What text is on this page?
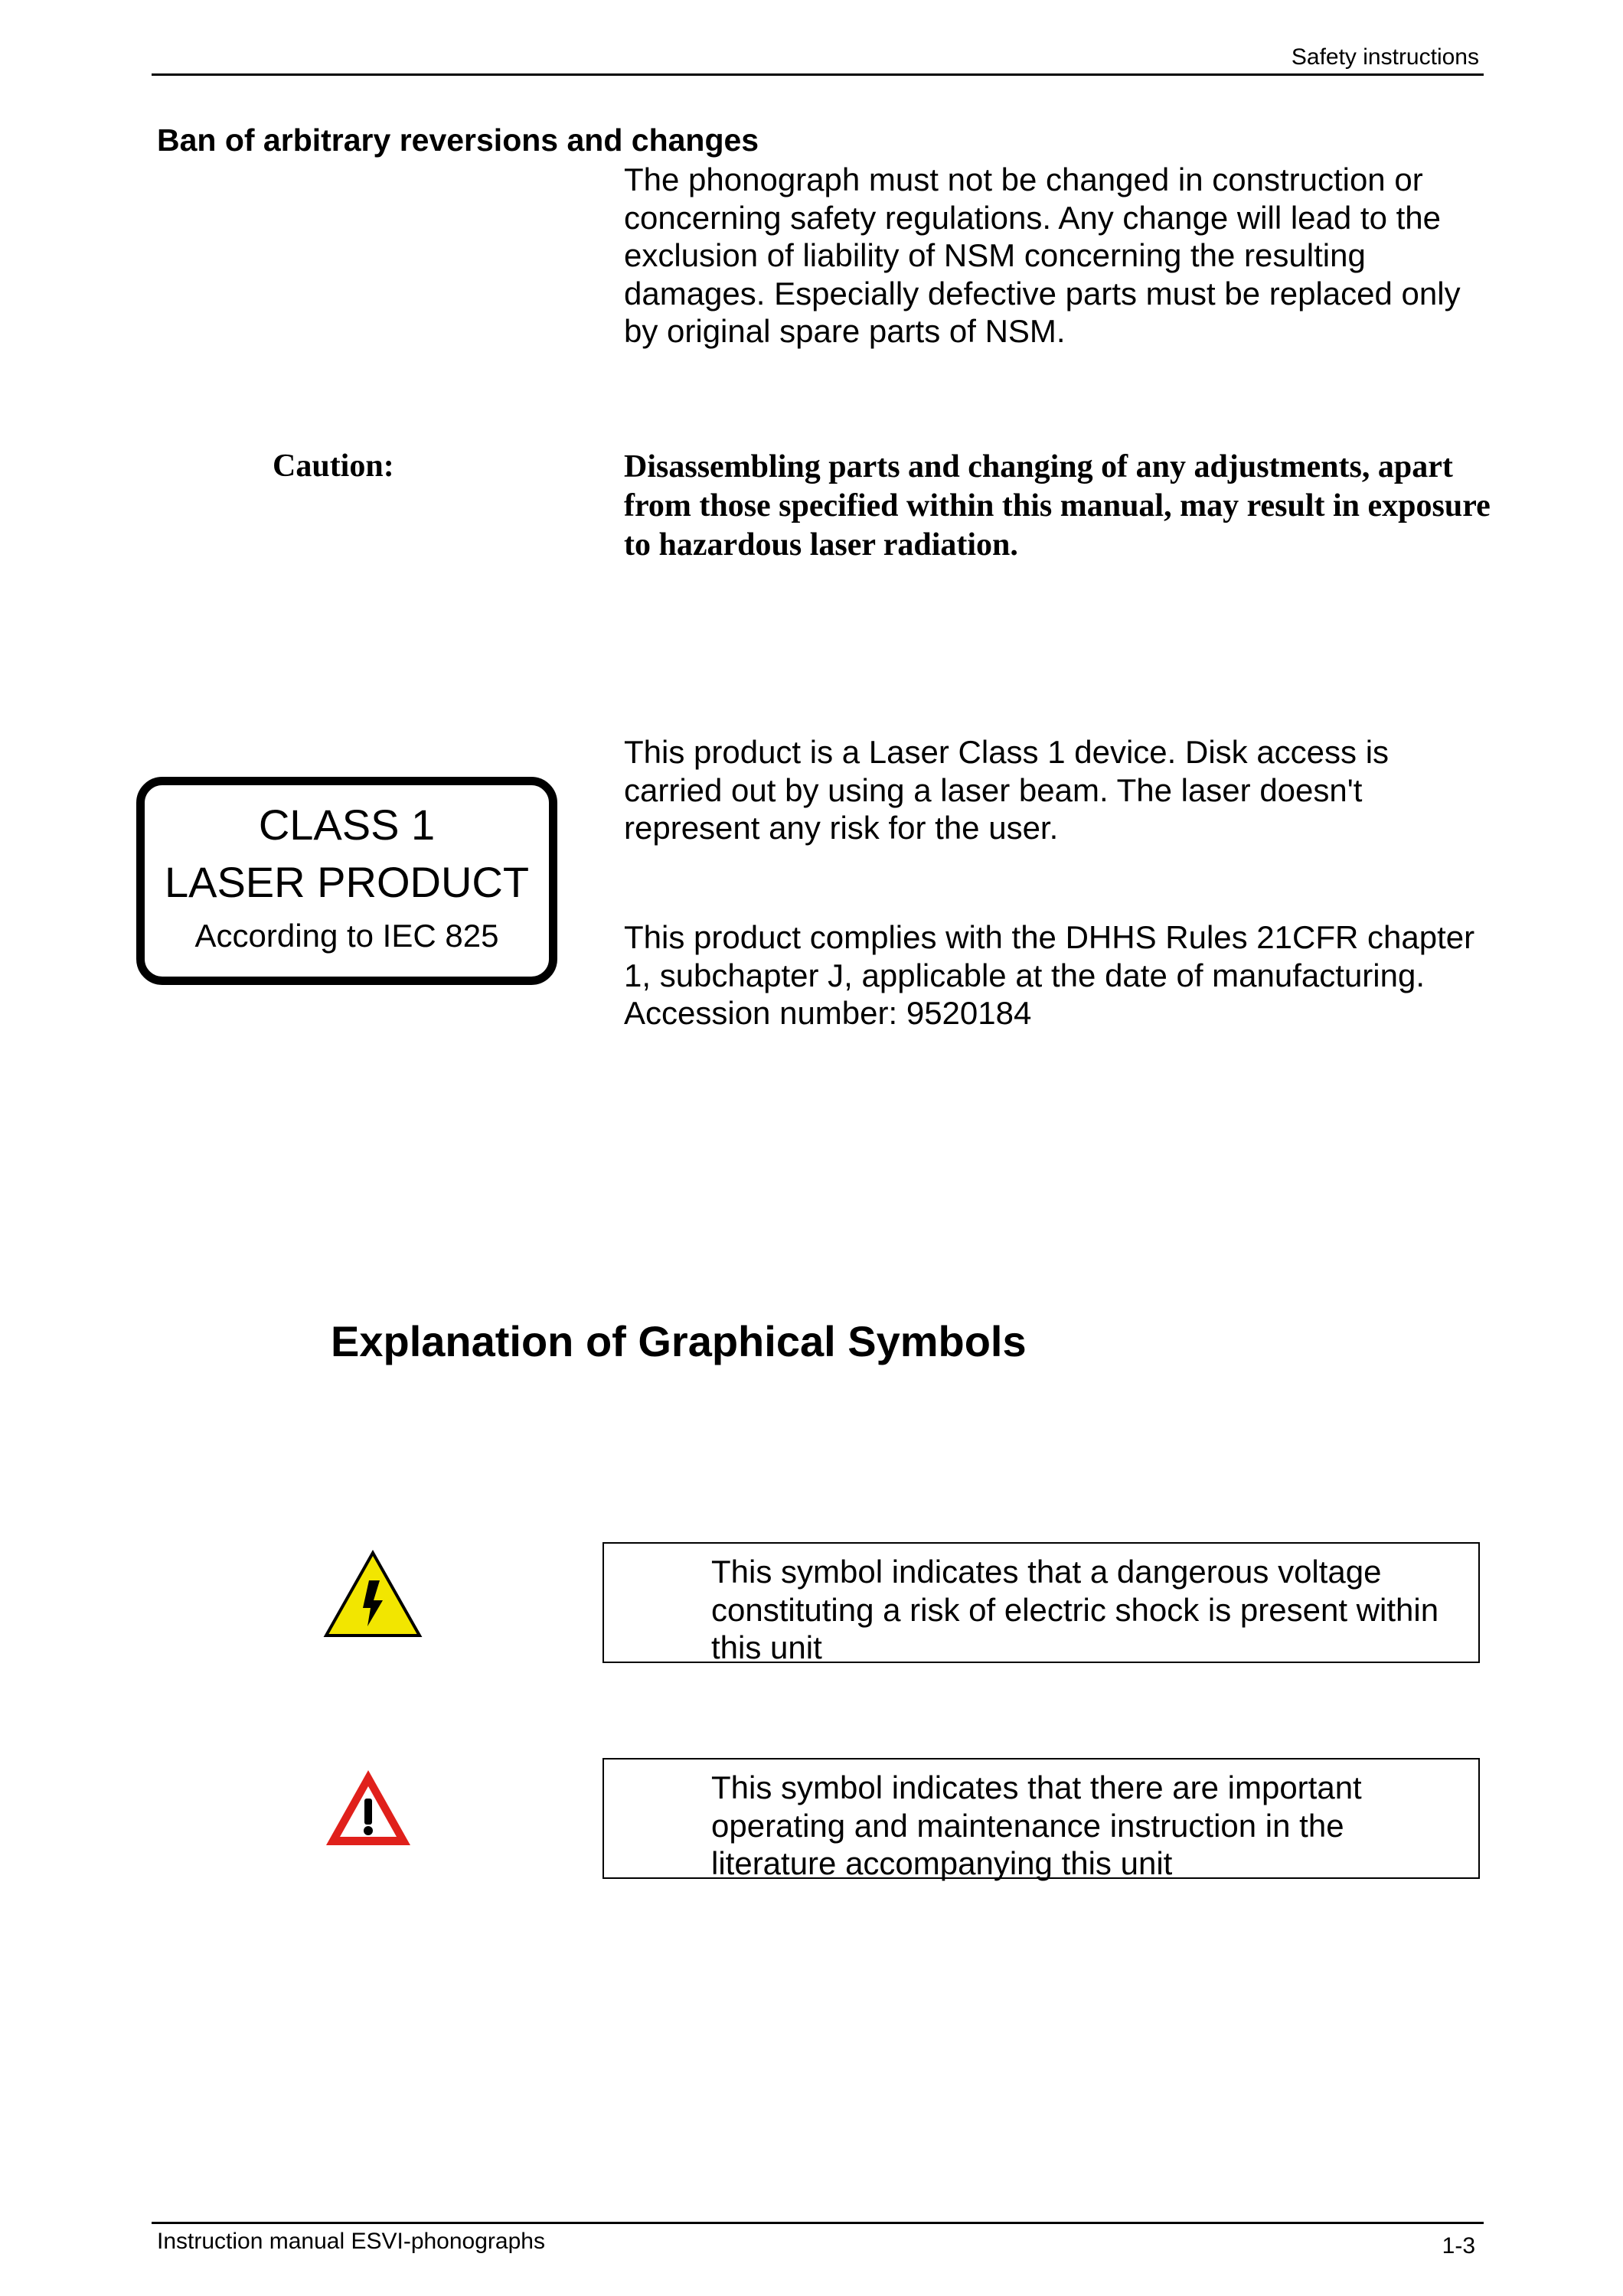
Safety instructions
Ban of arbitrary reversions and changes
The phonograph must not be changed in construction or concerning safety regulations. Any change will lead to the exclusion of liability of NSM concerning the resulting damages. Especially defective parts must be replaced only by original spare parts of NSM.
Caution:	Disassembling parts and changing of any adjustments, apart from those specified within this manual, may result in exposure to hazardous laser radiation.
CLASS 1
LASER PRODUCT
According to IEC 825
This product is a Laser Class 1 device. Disk access is carried out by using a laser beam. The laser doesn't represent any risk for the user.
This product complies with the DHHS Rules 21CFR chapter 1, subchapter J, applicable at the date of manufacturing. Accession number: 9520184
Explanation of Graphical Symbols
This symbol indicates that a dangerous voltage constituting a risk of electric shock is present within this unit
This symbol indicates that there are important operating and maintenance instruction in the literature accompanying this unit
Instruction manual ESVI-phonographs	1-3
